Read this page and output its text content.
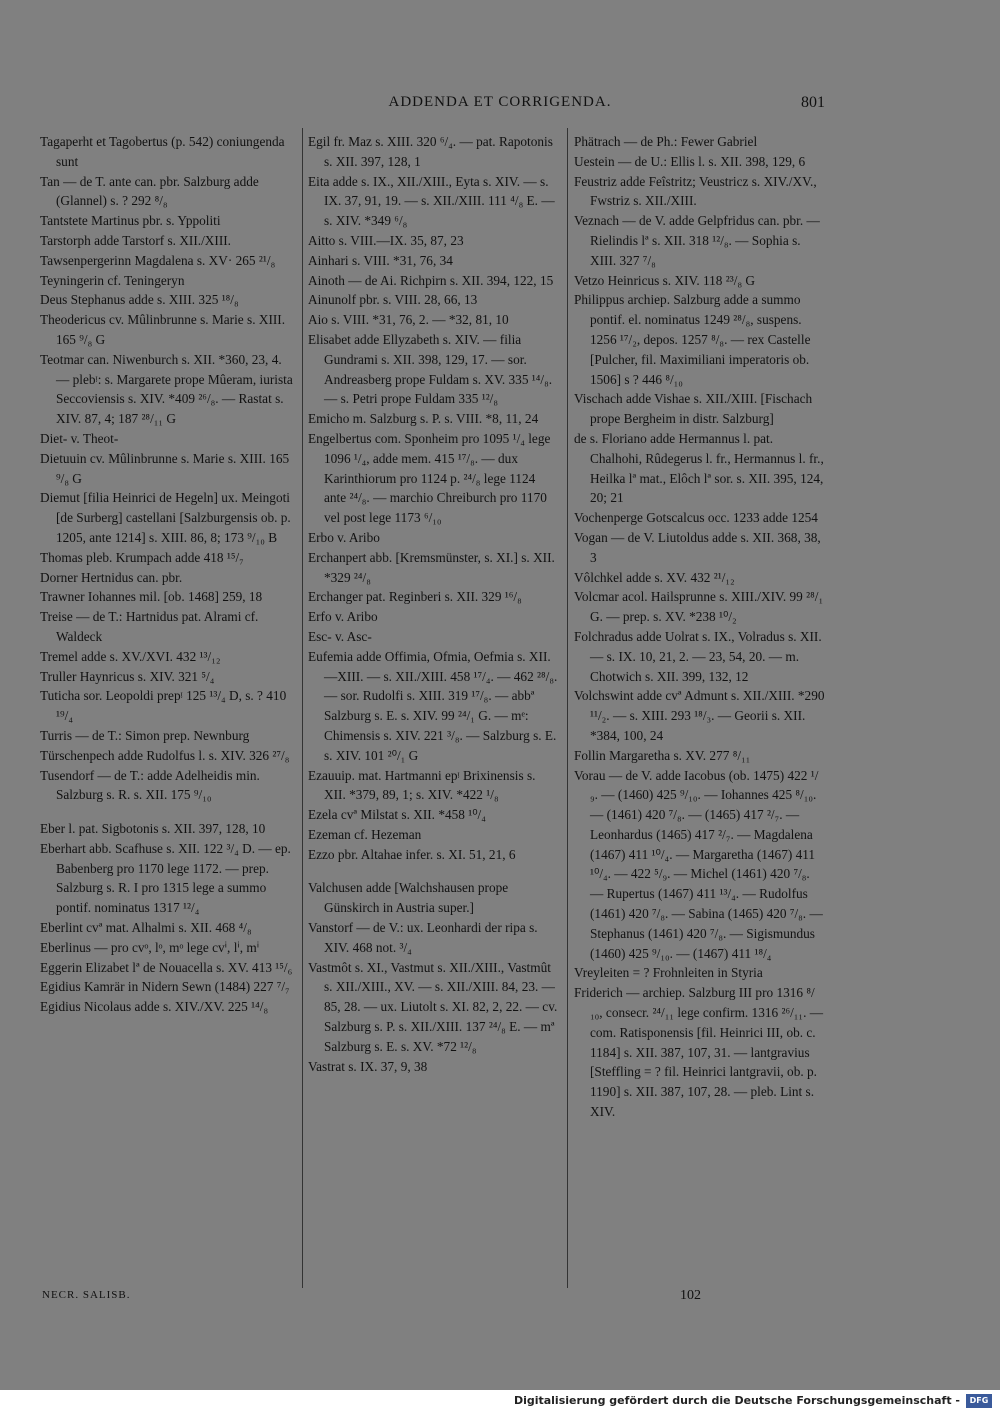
ADDENDA ET CORRIGENDA.	801

Tagaperht et Tagobertus (p. 542) coniungenda sunt

Tan — de T. ante can. pbr. Salzburg adde (Glannel) s. ? 292 ⁸/₈

Tantstete Martinus pbr. s. Yppoliti

Tarstorph adde Tarstorf s. XII./XIII.

Tawsenpergerinn Magdalena s. XV· 265 ²¹/₈

Teyningerin cf. Teningeryn

Deus Stephanus adde s. XIII. 325 ¹⁸/₈

Theodericus cv. Mûlinbrunne s. Marie s. XIII. 165 ⁹/₈ G

Teotmar can. Niwenburch s. XII. *360, 23, 4. — plebᵎ: s. Margarete prope Mûeram, iurista Seccoviensis s. XIV. *409 ²⁶/₈. — Rastat s. XIV. 87, 4; 187 ²⁸/₁₁ G

Diet- v. Theot-

Dietuuin cv. Mûlinbrunne s. Marie s. XIII. 165 ⁹/₈ G

Diemut [filia Heinrici de Hegeln] ux. Meingoti [de Surberg] castellani [Salzburgensis ob. p. 1205, ante 1214] s. XIII. 86, 8; 173 ⁹/₁₀ B

Thomas pleb. Krumpach adde 418 ¹⁵/₇

Dorner Hertnidus can. pbr.

Trawner Iohannes mil. [ob. 1468] 259, 18

Treise — de T.: Hartnidus pat. Alrami cf. Waldeck

Tremel adde s. XV./XVI. 432 ¹³/₁₂

Truller Haynricus s. XIV. 321 ⁵/₄

Tuticha sor. Leopoldi prepᵎ 125 ¹³/₄ D, s. ? 410 ¹⁹/₄

Turris — de T.: Simon prep. Newnburg

Türschenpech adde Rudolfus l. s. XIV. 326 ²⁷/₈

Tusendorf — de T.: adde Adelheidis min. Salzburg s. R. s. XII. 175 ⁹/₁₀

Eber l. pat. Sigbotonis s. XII. 397, 128, 10

Eberhart abb. Scafhuse s. XII. 122 ³/₄ D. — ep. Babenberg pro 1170 lege 1172. — prep. Salzburg s. R. I pro 1315 lege a summo pontif. nominatus 1317 ¹²/₄

Eberlint cvª mat. Alhalmi s. XII. 468 ⁴/₈

Eberlinus — pro cvᵒ, lᵒ, mᵒ lege cvⁱ, lⁱ, mⁱ

Eggerin Elizabet lª de Nouacella s. XV. 413 ¹⁵/₆

Egidius Kamrär in Nidern Sewn (1484) 227 ⁷/₇

Egidius Nicolaus adde s. XIV./XV. 225 ¹⁴/₈

Egil fr. Maz s. XIII. 320 ⁶/₄. — pat. Rapotonis s. XII. 397, 128, 1

Eita adde s. IX., XII./XIII., Eyta s. XIV. — s. IX. 37, 91, 19. — s. XII./XIII. 111 ⁴/₈ E. — s. XIV. *349 ⁶/₈

Aitto s. VIII.—IX. 35, 87, 23

Ainhari s. VIII. *31, 76, 34

Ainoth — de Ai. Richpirn s. XII. 394, 122, 15

Ainunolf pbr. s. VIII. 28, 66, 13

Aio s. VIII. *31, 76, 2. — *32, 81, 10

Elisabet adde Ellyzabeth s. XIV. — filia Gundrami s. XII. 398, 129, 17. — sor. Andreasberg prope Fuldam s. XV. 335 ¹⁴/₈. — s. Petri prope Fuldam 335 ¹²/₈

Emicho m. Salzburg s. P. s. VIII. *8, 11, 24

Engelbertus com. Sponheim pro 1095 ¹/₄ lege 1096 ¹/₄, adde mem. 415 ¹⁷/₈. — dux Karinthiorum pro 1124 p. ²⁴/₈ lege 1124 ante ²⁴/₈. — marchio Chreiburch pro 1170 vel post lege 1173 ⁶/₁₀

Erbo v. Aribo

Erchanpert abb. [Kremsmünster, s. XI.] s. XII. *329 ²⁴/₈

Erchanger pat. Reginberi s. XII. 329 ¹⁶/₈

Erfo v. Aribo

Esc- v. Asc-

Eufemia adde Offimia, Ofmia, Oefmia s. XII.—XIII. — s. XII./XIII. 458 ¹⁷/₄. — 462 ²⁸/₈. — sor. Rudolfi s. XIII. 319 ¹⁷/₈. — abbª Salzburg s. E. s. XIV. 99 ²⁴/₁ G. — mᵉ: Chimensis s. XIV. 221 ³/₈. — Salzburg s. E. s. XIV. 101 ²⁰/₁ G

Ezauuip. mat. Hartmanni epᵎ Brixinensis s. XII. *379, 89, 1; s. XIV. *422 ¹/₈

Ezela cvª Milstat s. XII. *458 ¹⁰/₄

Ezeman cf. Hezeman

Ezzo pbr. Altahae infer. s. XI. 51, 21, 6

Valchusen adde [Walchshausen prope Günskirch in Austria super.]

Vanstorf — de V.: ux. Leonhardi der ripa s. XIV. 468 not. ³/₄

Vastmôt s. XI., Vastmut s. XII./XIII., Vastmût s. XII./XIII., XV. — s. XII./XIII. 84, 23. — 85, 28. — ux. Liutolt s. XI. 82, 2, 22. — cv. Salzburg s. P. s. XII./XIII. 137 ²⁴/₈ E. — mª Salzburg s. E. s. XV. *72 ¹²/₈

Vastrat s. IX. 37, 9, 38

Phätrach — de Ph.: Fewer Gabriel

Uestein — de U.: Ellis l. s. XII. 398, 129, 6

Feustriz adde Feîstritz; Veustricz s. XIV./XV., Fwstriz s. XII./XIII.

Veznach — de V. adde Gelpfridus can. pbr. — Rielindis lª s. XII. 318 ¹²/₈. — Sophia s. XIII. 327 ⁷/₈

Vetzo Heinricus s. XIV. 118 ²³/₈ G

Philippus archiep. Salzburg adde a summo pontif. el. nominatus 1249 ²⁸/₈, suspens. 1256 ¹⁷/₂, depos. 1257 ⁸/₈. — rex Castelle [Pulcher, fil. Maximiliani imperatoris ob. 1506] s ? 446 ⁸/₁₀

Vischach adde Vishae s. XII./XIII. [Fischach prope Bergheim in distr. Salzburg]

de s. Floriano adde Hermannus l. pat. Chalhohi, Rûdegerus l. fr., Hermannus l. fr., Heilka lª mat., Elôch lª sor. s. XII. 395, 124, 20; 21

Vochenperge Gotscalcus occ. 1233 adde 1254

Vogan — de V. Liutoldus adde s. XII. 368, 38, 3

Vôlchkel adde s. XV. 432 ²¹/₁₂

Volcmar acol. Hailsprunne s. XIII./XIV. 99 ²⁸/₁ G. — prep. s. XV. *238 ¹⁰/₂

Folchradus adde Uolrat s. IX., Volradus s. XII. — s. IX. 10, 21, 2. — 23, 54, 20. — m. Chotwich s. XII. 399, 132, 12

Volchswint adde cvª Admunt s. XII./XIII. *290 ¹¹/₂. — s. XIII. 293 ¹⁸/₃. — Georii s. XII. *384, 100, 24

Follin Margaretha s. XV. 277 ⁸/₁₁

Vorau — de V. adde Iacobus (ob. 1475) 422 ¹/₉. — (1460) 425 ⁹/₁₀. — Iohannes 425 ⁸/₁₀. — (1461) 420 ⁷/₈. — (1465) 417 ²/₇. — Leonhardus (1465) 417 ²/₇. — Magdalena (1467) 411 ¹⁰/₄. — Margaretha (1467) 411 ¹⁰/₄. — 422 ⁵/₉. — Michel (1461) 420 ⁷/₈. — Rupertus (1467) 411 ¹³/₄. — Rudolfus (1461) 420 ⁷/₈. — Sabina (1465) 420 ⁷/₈. — Stephanus (1461) 420 ⁷/₈. — Sigismundus (1460) 425 ⁹/₁₀. — (1467) 411 ¹⁸/₄

Vreyleiten = ? Frohnleiten in Styria

Friderich — archiep. Salzburg III pro 1316 ⁸/₁₀, consecr. ²⁴/₁₁ lege confirm. 1316 ²⁶/₁₁. — com. Ratisponensis [fil. Heinrici III, ob. c. 1184] s. XII. 387, 107, 31. — lantgravius [Steffling = ? fil. Heinrici lantgravii, ob. p. 1190] s. XII. 387, 107, 28. — pleb. Lint s. XIV.

NECR. SALISB.	102
Digitalisierung gefördert durch die Deutsche Forschungsgemeinschaft -	DFG
